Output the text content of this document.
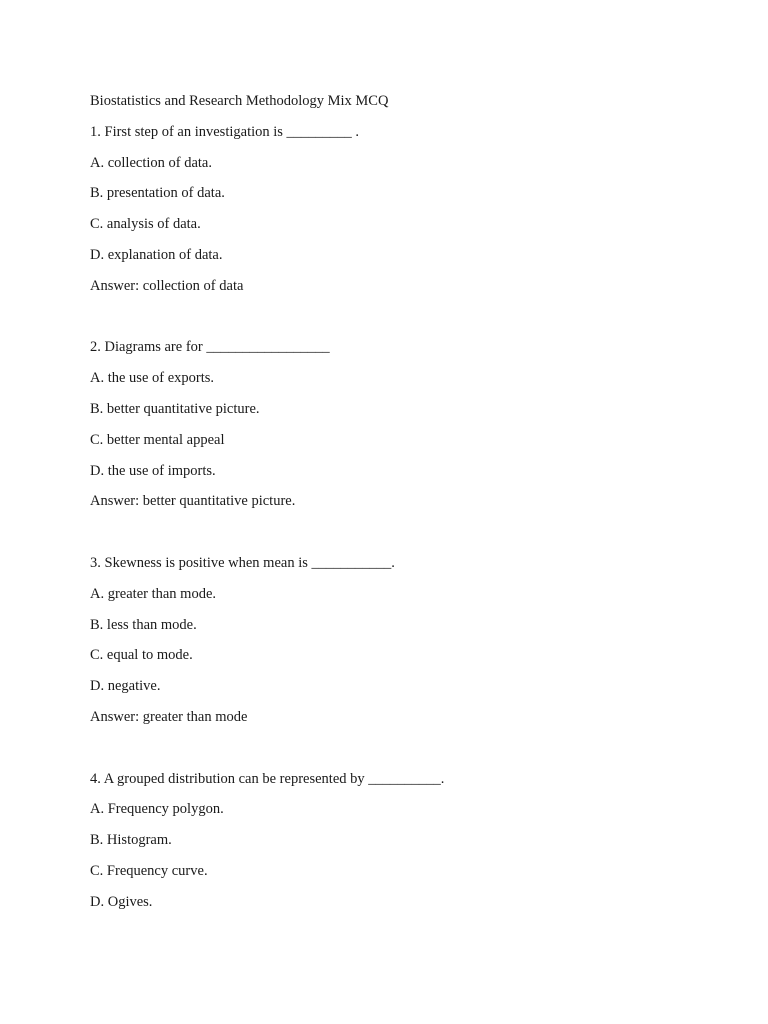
Biostatistics and Research Methodology Mix MCQ
1. First step of an investigation is _________ .
A. collection of data.
B. presentation of data.
C. analysis of data.
D. explanation of data.
Answer: collection of data
2. Diagrams are for _________________
A. the use of exports.
B. better quantitative picture.
C. better mental appeal
D. the use of imports.
Answer: better quantitative picture.
3. Skewness is positive when mean is ___________.
A. greater than mode.
B. less than mode.
C. equal to mode.
D. negative.
Answer: greater than mode
4. A grouped distribution can be represented by __________.
A. Frequency polygon.
B. Histogram.
C. Frequency curve.
D. Ogives.
